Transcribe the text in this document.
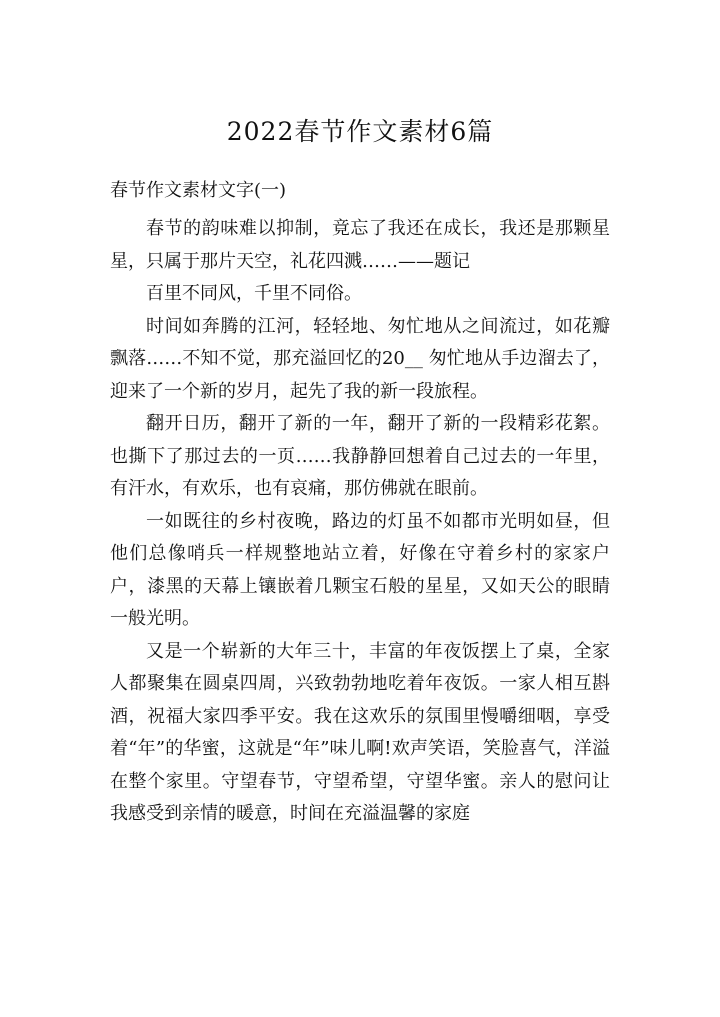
2022春节作文素材6篇
春节作文素材文字(一)

春节的韵味难以抑制，竟忘了我还在成长，我还是那颗星星，只属于那片天空，礼花四溅……——题记

百里不同风，千里不同俗。

时间如奔腾的江河，轻轻地、匆忙地从之间流过，如花瓣飘落……不知不觉，那充溢回忆的20__ 匆忙地从手边溜去了，迎来了一个新的岁月，起先了我的新一段旅程。

翻开日历，翻开了新的一年，翻开了新的一段精彩花絮。也撕下了那过去的一页……我静静回想着自己过去的一年里，有汗水，有欢乐，也有哀痛，那仿佛就在眼前。

一如既往的乡村夜晚，路边的灯虽不如都市光明如昼，但他们总像哨兵一样规整地站立着，好像在守着乡村的家家户户，漆黑的天幕上镶嵌着几颗宝石般的星星，又如天公的眼睛一般光明。

又是一个崭新的大年三十，丰富的年夜饭摆上了桌，全家人都聚集在圆桌四周，兴致勃勃地吃着年夜饭。一家人相互斟酒，祝福大家四季平安。我在这欢乐的氛围里慢嚼细咽，享受着“年”的华蜜，这就是“年”味儿啊!欢声笑语，笑脸喜气，洋溢在整个家里。守望春节，守望希望，守望华蜜。亲人的慰问让我感受到亲情的暖意，时间在充溢温馨的家庭
